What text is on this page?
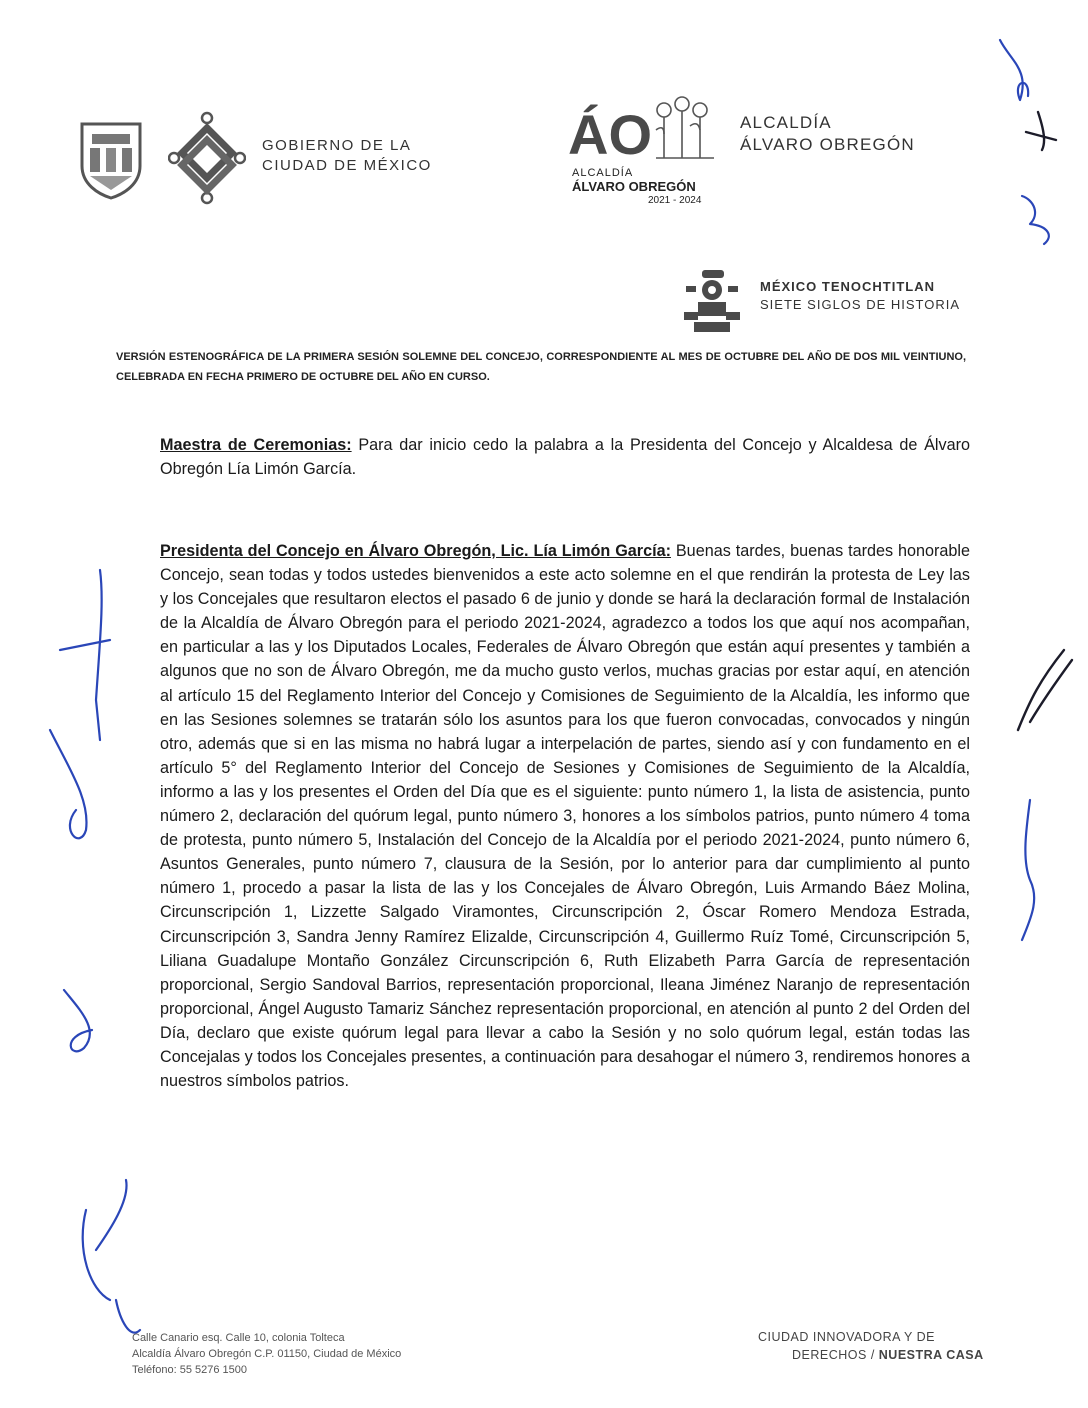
GOBIERNO DE LA
CIUDAD DE MÉXICO ÁO
ALCALDÍA
ÁLVARO OBREGÓN
2021 - 2024
ALCALDÍA
ÁLVARO OBREGÓN
MÉXICO TENOCHTITLAN
SIETE SIGLOS DE HISTORIA
VERSIÓN ESTENOGRÁFICA DE LA PRIMERA SESIÓN SOLEMNE DEL CONCEJO, CORRESPONDIENTE AL MES DE OCTUBRE DEL AÑO DE DOS MIL VEINTIUNO, CELEBRADA EN FECHA PRIMERO DE OCTUBRE DEL AÑO EN CURSO.
Maestra de Ceremonias: Para dar inicio cedo la palabra a la Presidenta del Concejo y Alcaldesa de Álvaro Obregón Lía Limón García.
Presidenta del Concejo en Álvaro Obregón, Lic. Lía Limón García: Buenas tardes, buenas tardes honorable Concejo, sean todas y todos ustedes bienvenidos a este acto solemne en el que rendirán la protesta de Ley las y los Concejales que resultaron electos el pasado 6 de junio y donde se hará la declaración formal de Instalación de la Alcaldía de Álvaro Obregón para el periodo 2021-2024, agradezco a todos los que aquí nos acompañan, en particular a las y los Diputados Locales, Federales de Álvaro Obregón que están aquí presentes y también a algunos que no son de Álvaro Obregón, me da mucho gusto verlos, muchas gracias por estar aquí, en atención al artículo 15 del Reglamento Interior del Concejo y Comisiones de Seguimiento de la Alcaldía, les informo que en las Sesiones solemnes se tratarán sólo los asuntos para los que fueron convocadas, convocados y ningún otro, además que si en las misma no habrá lugar a interpelación de partes, siendo así y con fundamento en el artículo 5° del Reglamento Interior del Concejo de Sesiones y Comisiones de Seguimiento de la Alcaldía, informo a las y los presentes el Orden del Día que es el siguiente: punto número 1, la lista de asistencia, punto número 2, declaración del quórum legal, punto número 3, honores a los símbolos patrios, punto número 4 toma de protesta, punto número 5, Instalación del Concejo de la Alcaldía por el periodo 2021-2024, punto número 6, Asuntos Generales, punto número 7, clausura de la Sesión, por lo anterior para dar cumplimiento al punto número 1, procedo a pasar la lista de las y los Concejales de Álvaro Obregón, Luis Armando Báez Molina, Circunscripción 1, Lizzette Salgado Viramontes, Circunscripción 2, Óscar Romero Mendoza Estrada, Circunscripción 3, Sandra Jenny Ramírez Elizalde, Circunscripción 4, Guillermo Ruíz Tomé, Circunscripción 5, Liliana Guadalupe Montaño González Circunscripción 6, Ruth Elizabeth Parra García de representación proporcional, Sergio Sandoval Barrios, representación proporcional, Ileana Jiménez Naranjo de representación proporcional, Ángel Augusto Tamariz Sánchez representación proporcional, en atención al punto 2 del Orden del Día, declaro que existe quórum legal para llevar a cabo la Sesión y no solo quórum legal, están todas las Concejalas y todos los Concejales presentes, a continuación para desahogar el número 3, rendiremos honores a nuestros símbolos patrios.
Calle Canario esq. Calle 10, colonia Tolteca
Alcaldía Álvaro Obregón C.P. 01150, Ciudad de México
Teléfono: 55 5276 1500
CIUDAD INNOVADORA Y DE
DERECHOS / NUESTRA CASA
